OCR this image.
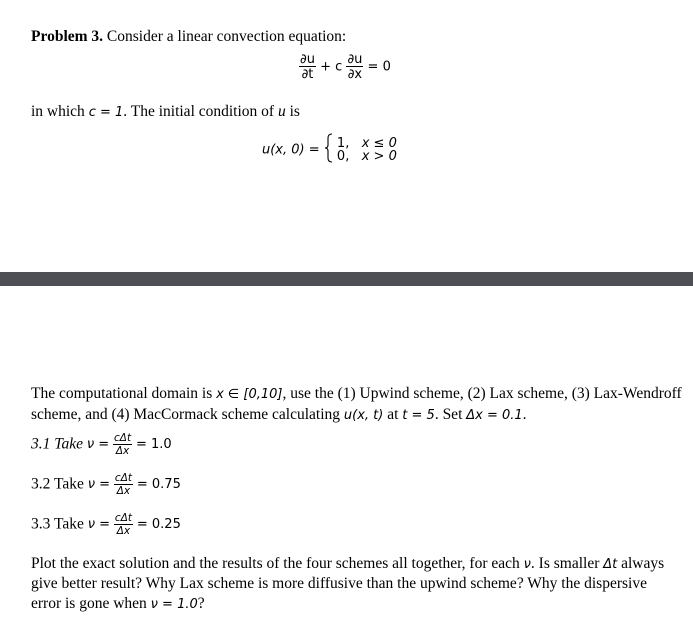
Problem 3. Consider a linear convection equation:
$\frac{\partial u}{\partial t} + c \frac{\partial u}{\partial x} = 0$
in which c = 1. The initial condition of u is
u(x, 0) = 1, x ≤ 0
0, x > 0
The computational domain is x ∈ [0,10], use the (1) Upwind scheme, (2) Lax scheme, (3) Lax-Wendroff
scheme, and (4) MacCormack scheme calculating u(x, t) at t = 5. Set Δx = 0.1.
3.1 Take $\nu = \frac{\text{cΔt}}{\Delta x} = 1.0$
3.2 Take $\nu = \frac{\text{cΔt}}{\Delta x} = 0.75$
3.3 Take $\nu = \frac{\text{cΔt}}{\Delta x} = 0.25$
Plot the exact solution and the results of the four schemes all together, for each ν. Is smaller Δt always
give better result? Why Lax scheme is more diffusive than the upwind scheme? Why the dispersive
error is gone when ν = 1.0?
